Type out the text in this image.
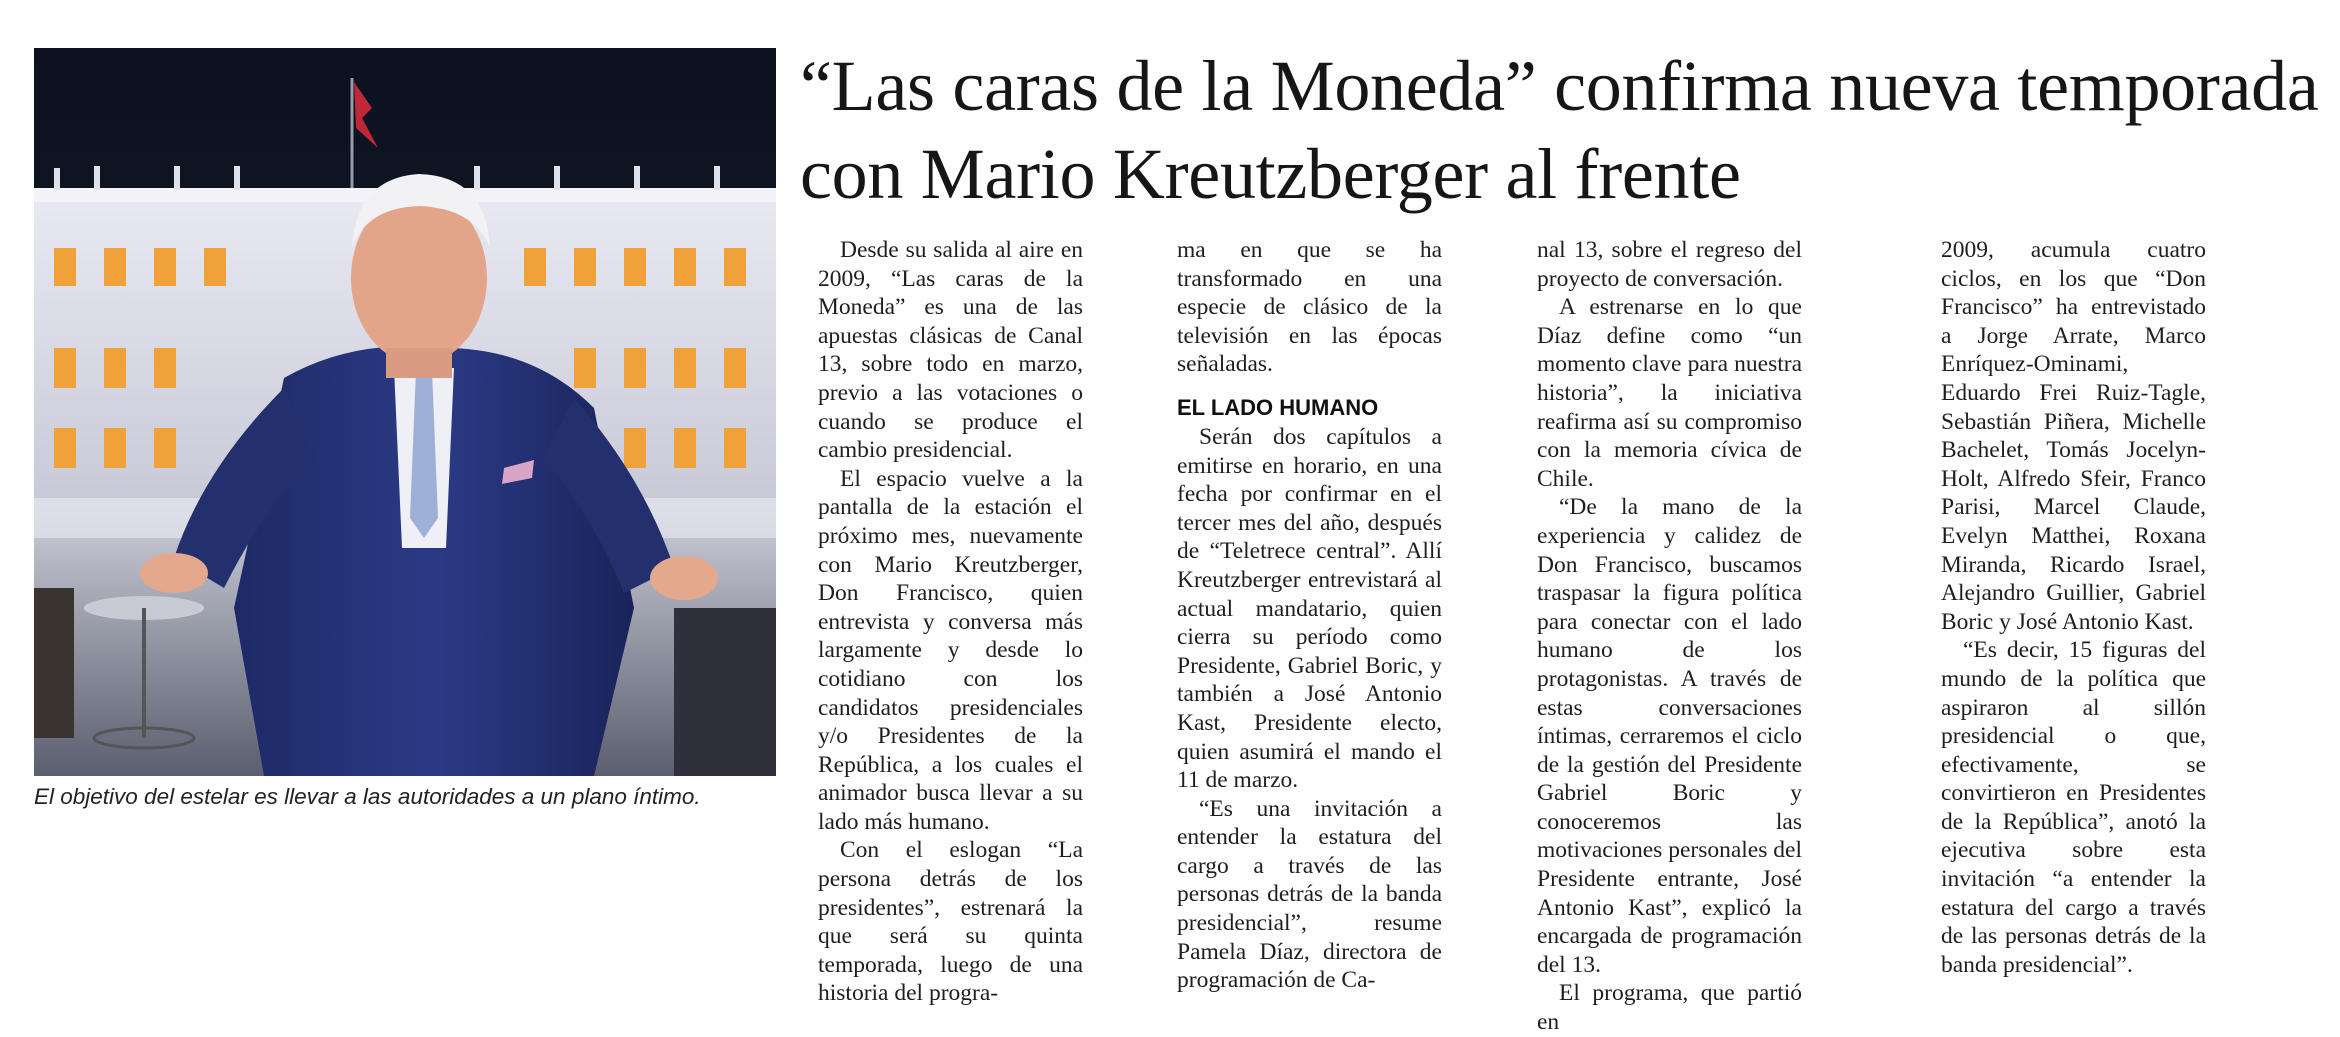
El objetivo del estelar es llevar a las autoridades a un plano íntimo.
“Las caras de la Moneda” confirma nueva temporada con Mario Kreutzberger al frente

Desde su salida al aire en 2009, “Las caras de la Moneda” es una de las apuestas clásicas de Canal 13, sobre todo en marzo, previo a las votaciones o cuando se produce el cambio presidencial.

El espacio vuelve a la pantalla de la estación el próximo mes, nuevamente con Mario Kreutzberger, Don Francisco, quien entrevista y conversa más largamente y desde lo cotidiano con los candidatos presidenciales y/o Presidentes de la República, a los cuales el animador busca llevar a su lado más humano.

Con el eslogan “La persona detrás de los presidentes”, estrenará la que será su quinta temporada, luego de una historia del progra-

ma en que se ha transformado en una especie de clásico de la televisión en las épocas señaladas.

EL LADO HUMANO

Serán dos capítulos a emitirse en horario, en una fecha por confirmar en el tercer mes del año, después de “Teletrece central”. Allí Kreutzberger entrevistará al actual mandatario, quien cierra su período como Presidente, Gabriel Boric, y también a José Antonio Kast, Presidente electo, quien asumirá el mando el 11 de marzo.

“Es una invitación a entender la estatura del cargo a través de las personas detrás de la banda presidencial”, resume Pamela Díaz, directora de programación de Ca-

nal 13, sobre el regreso del proyecto de conversación.

A estrenarse en lo que Díaz define como “un momento clave para nuestra historia”, la iniciativa reafirma así su compromiso con la memoria cívica de Chile.

“De la mano de la experiencia y calidez de Don Francisco, buscamos traspasar la figura política para conectar con el lado humano de los protagonistas. A través de estas conversaciones íntimas, cerraremos el ciclo de la gestión del Presidente Gabriel Boric y conoceremos las motivaciones personales del Presidente entrante, José Antonio Kast”, explicó la encargada de programación del 13.

El programa, que partió en

2009, acumula cuatro ciclos, en los que “Don Francisco” ha entrevistado a Jorge Arrate, Marco Enríquez-Ominami, Eduardo Frei Ruiz-Tagle, Sebastián Piñera, Michelle Bachelet, Tomás Jocelyn-Holt, Alfredo Sfeir, Franco Parisi, Marcel Claude, Evelyn Matthei, Roxana Miranda, Ricardo Israel, Alejandro Guillier, Gabriel Boric y José Antonio Kast.

“Es decir, 15 figuras del mundo de la política que aspiraron al sillón presidencial o que, efectivamente, se convirtieron en Presidentes de la República”, anotó la ejecutiva sobre esta invitación “a entender la estatura del cargo a través de las personas detrás de la banda presidencial”.
